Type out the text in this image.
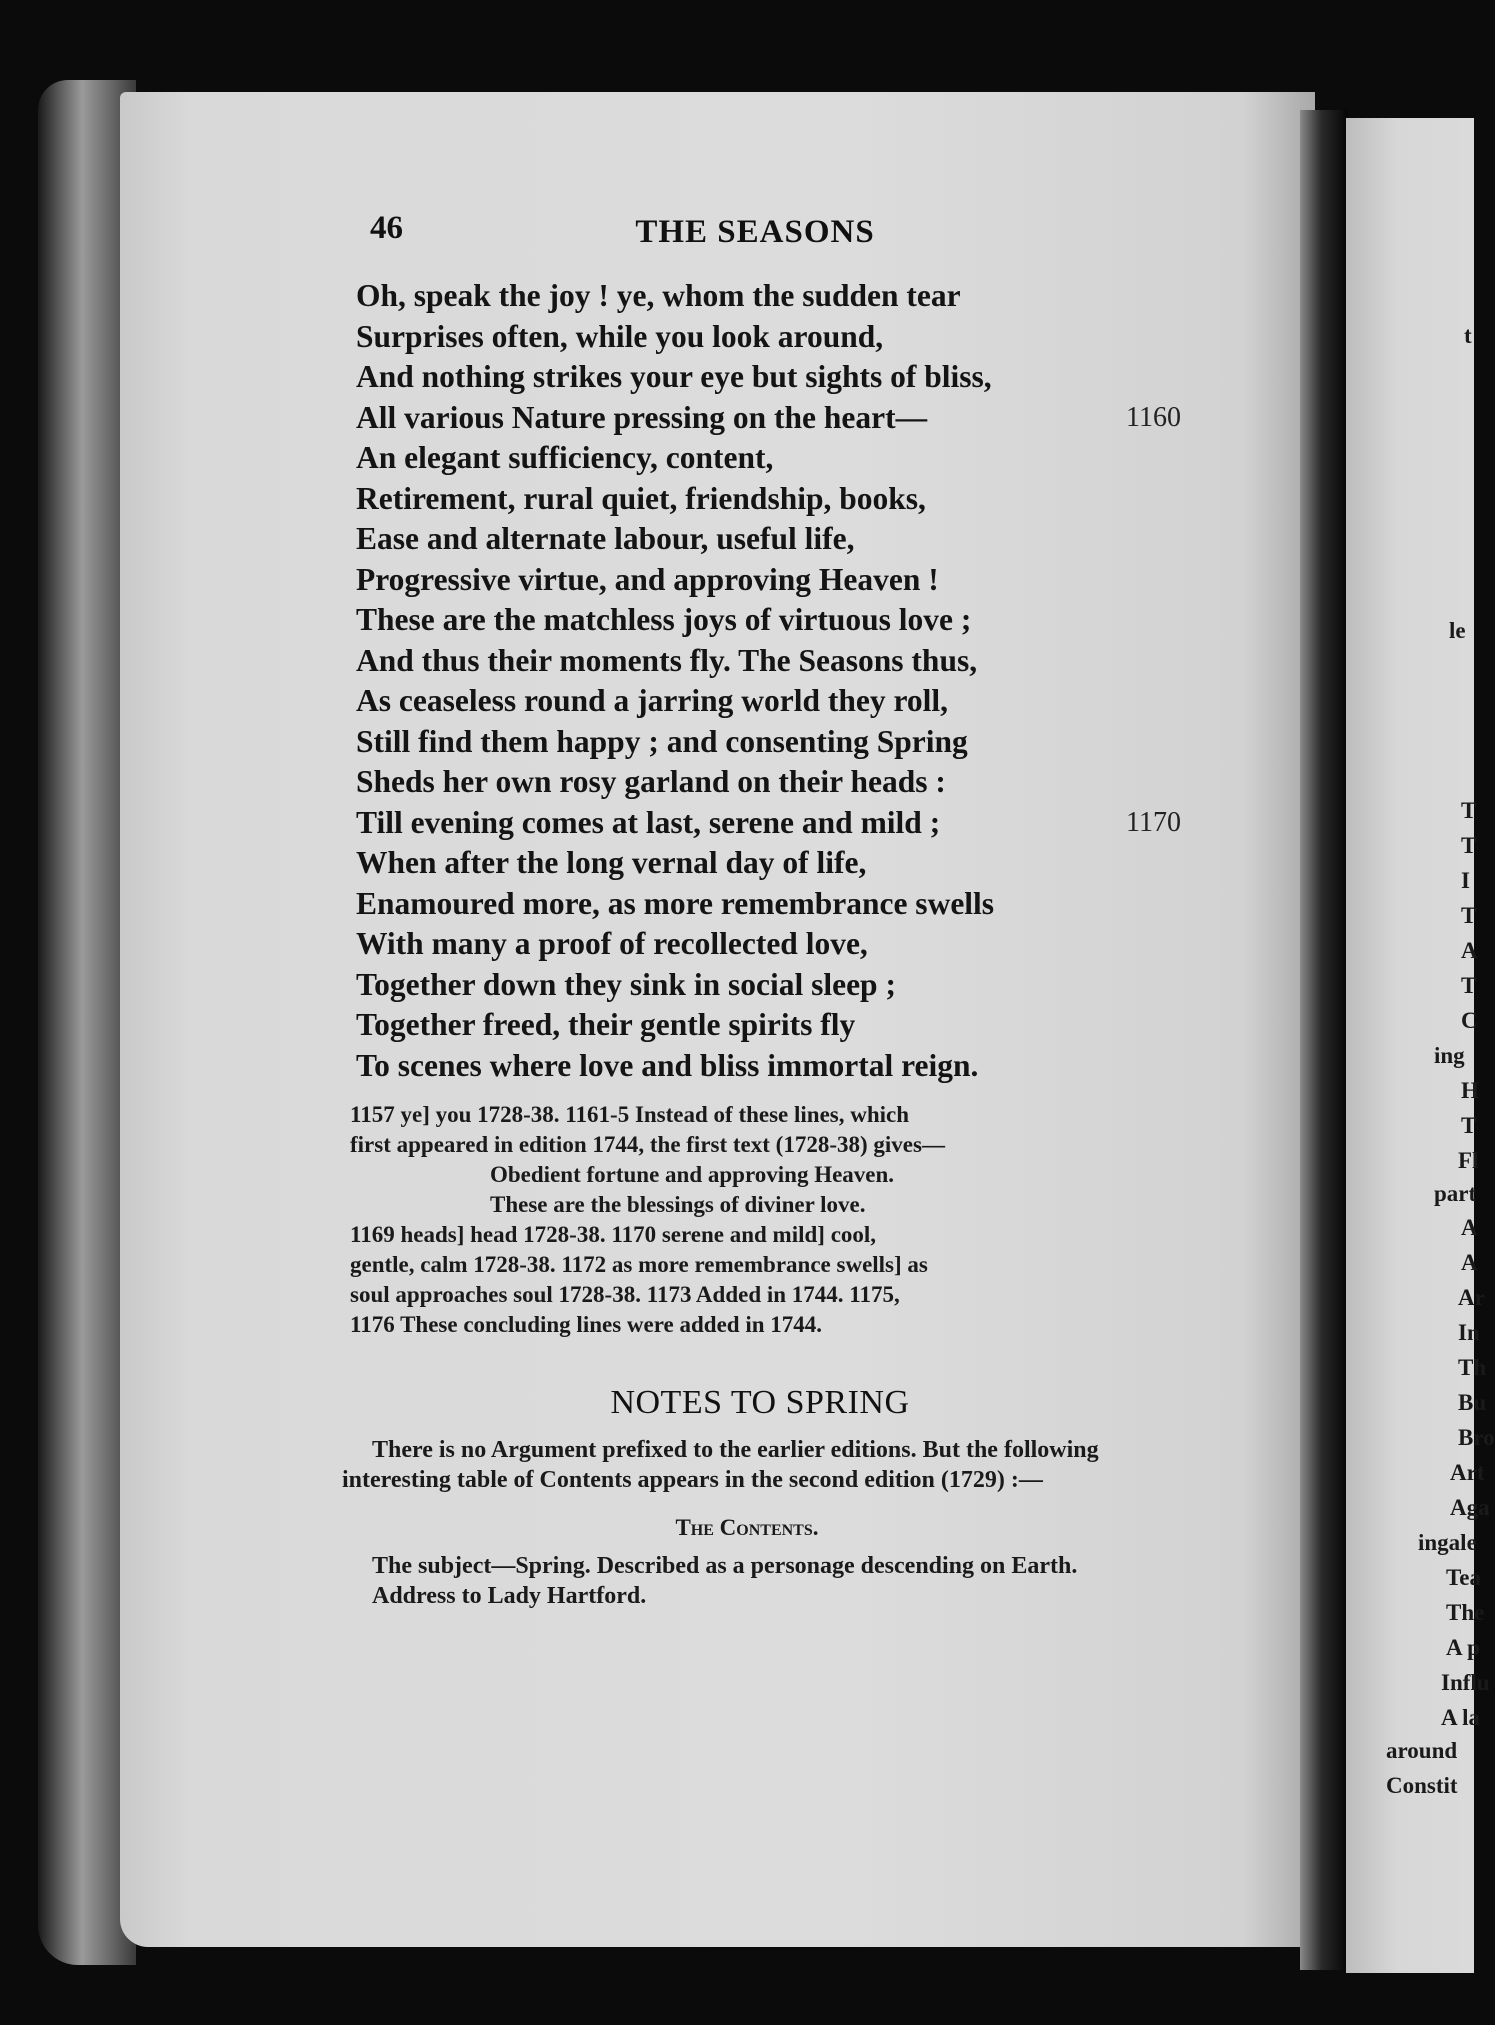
t
le
T
T
I
T
A
T
C
ing
H
T
Fl
part
A
A
Ar
In
Th
Bu
Bro
Art
Aga
ingale
Tea
The
A p
Influ
A la
around
Constit
46	THE SEASONS
Oh, speak the joy ! ye, whom the sudden tear
Surprises often, while you look around,
And nothing strikes your eye but sights of bliss,
All various Nature pressing on the heart—	1160
An elegant sufficiency, content,
Retirement, rural quiet, friendship, books,
Ease and alternate labour, useful life,
Progressive virtue, and approving Heaven !
These are the matchless joys of virtuous love ;
And thus their moments fly. The Seasons thus,
As ceaseless round a jarring world they roll,
Still find them happy ; and consenting Spring
Sheds her own rosy garland on their heads :
Till evening comes at last, serene and mild ;	1170
When after the long vernal day of life,
Enamoured more, as more remembrance swells
With many a proof of recollected love,
Together down they sink in social sleep ;
Together freed, their gentle spirits fly
To scenes where love and bliss immortal reign.
1157 ye] you 1728-38. 1161-5 Instead of these lines, which
first appeared in edition 1744, the first text (1728-38) gives—
Obedient fortune and approving Heaven.
These are the blessings of diviner love.
1169 heads] head 1728-38. 1170 serene and mild] cool,
gentle, calm 1728-38. 1172 as more remembrance swells] as
soul approaches soul 1728-38. 1173 Added in 1744. 1175,
1176 These concluding lines were added in 1744.
NOTES TO SPRING

There is no Argument prefixed to the earlier editions. But the following interesting table of Contents appears in the second edition (1729) :—

The Contents.

The subject—Spring. Described as a personage descending on Earth.

Address to Lady Hartford.
